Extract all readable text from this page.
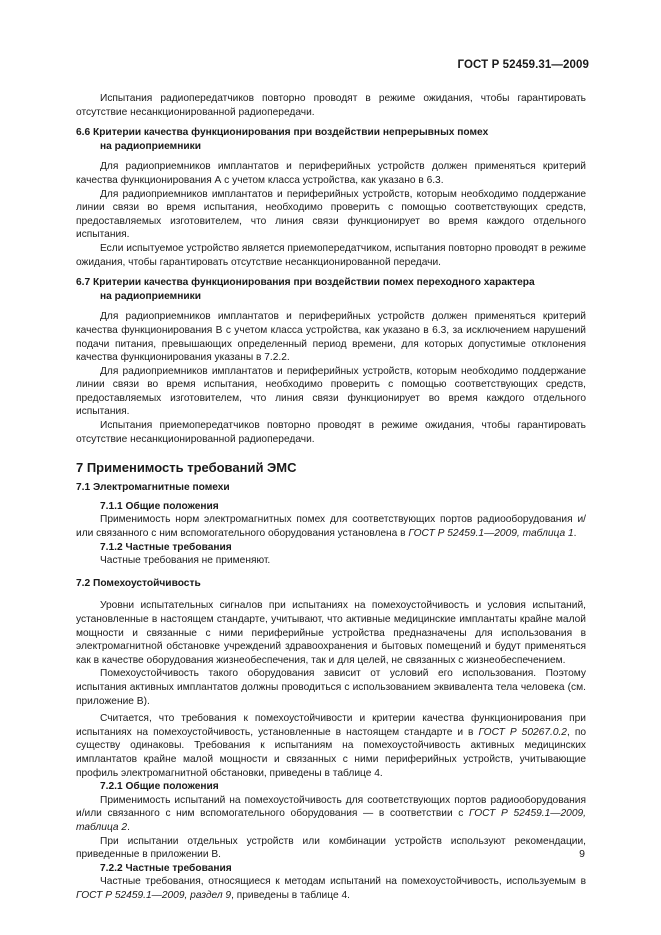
ГОСТ Р 52459.31—2009

Испытания радиопередатчиков повторно проводят в режиме ожидания, чтобы гарантировать отсутствие несанкционированной радиопередачи.

6.6 Критерии качества функционирования при воздействии непрерывных помех
на радиоприемники

Для радиоприемников имплантатов и периферийных устройств должен применяться критерий качества функционирования А с учетом класса устройства, как указано в 6.3.

Для радиоприемников имплантатов и периферийных устройств, которым необходимо поддержание линии связи во время испытания, необходимо проверить с помощью соответствующих средств, предоставляемых изготовителем, что линия связи функционирует во время каждого отдельного испытания.

Если испытуемое устройство является приемопередатчиком, испытания повторно проводят в режиме ожидания, чтобы гарантировать отсутствие несанкционированной передачи.

6.7 Критерии качества функционирования при воздействии помех переходного характера
на радиоприемники

Для радиоприемников имплантатов и периферийных устройств должен применяться критерий качества функционирования В с учетом класса устройства, как указано в 6.3, за исключением нарушений подачи питания, превышающих определенный период времени, для которых допустимые отклонения качества функционирования указаны в 7.2.2.

Для радиоприемников имплантатов и периферийных устройств, которым необходимо поддержание линии связи во время испытания, необходимо проверить с помощью соответствующих средств, предоставляемых изготовителем, что линия связи функционирует во время каждого отдельного испытания.

Испытания приемопередатчиков повторно проводят в режиме ожидания, чтобы гарантировать отсутствие несанкционированной радиопередачи.

7 Применимость требований ЭМС
7.1 Электромагнитные помехи
7.1.1 Общие положения

Применимость норм электромагнитных помех для соответствующих портов радиооборудования и/или связанного с ним вспомогательного оборудования установлена в ГОСТ Р 52459.1—2009, таблица 1.

7.1.2 Частные требования

Частные требования не применяют.

7.2 Помехоустойчивость

Уровни испытательных сигналов при испытаниях на помехоустойчивость и условия испытаний, установленные в настоящем стандарте, учитывают, что активные медицинские имплантаты крайне малой мощности и связанные с ними периферийные устройства предназначены для использования в электромагнитной обстановке учреждений здравоохранения и бытовых помещений и будут применяться как в качестве оборудования жизнеобеспечения, так и для целей, не связанных с жизнеобеспечением.

Помехоустойчивость такого оборудования зависит от условий его использования. Поэтому испытания активных имплантатов должны проводиться с использованием эквивалента тела человека (см. приложение В).

Считается, что требования к помехоустойчивости и критерии качества функционирования при испытаниях на помехоустойчивость, установленные в настоящем стандарте и в ГОСТ Р 50267.0.2, по существу одинаковы. Требования к испытаниям на помехоустойчивость активных медицинских имплантатов крайне малой мощности и связанных с ними периферийных устройств, учитывающие профиль электромагнитной обстановки, приведены в таблице 4.

7.2.1 Общие положения

Применимость испытаний на помехоустойчивость для соответствующих портов радиооборудования и/или связанного с ним вспомогательного оборудования — в соответствии с ГОСТ Р 52459.1—2009, таблица 2.

При испытании отдельных устройств или комбинации устройств используют рекомендации, приведенные в приложении В.

7.2.2 Частные требования

Частные требования, относящиеся к методам испытаний на помехоустойчивость, используемым в ГОСТ Р 52459.1—2009, раздел 9, приведены в таблице 4.

9
